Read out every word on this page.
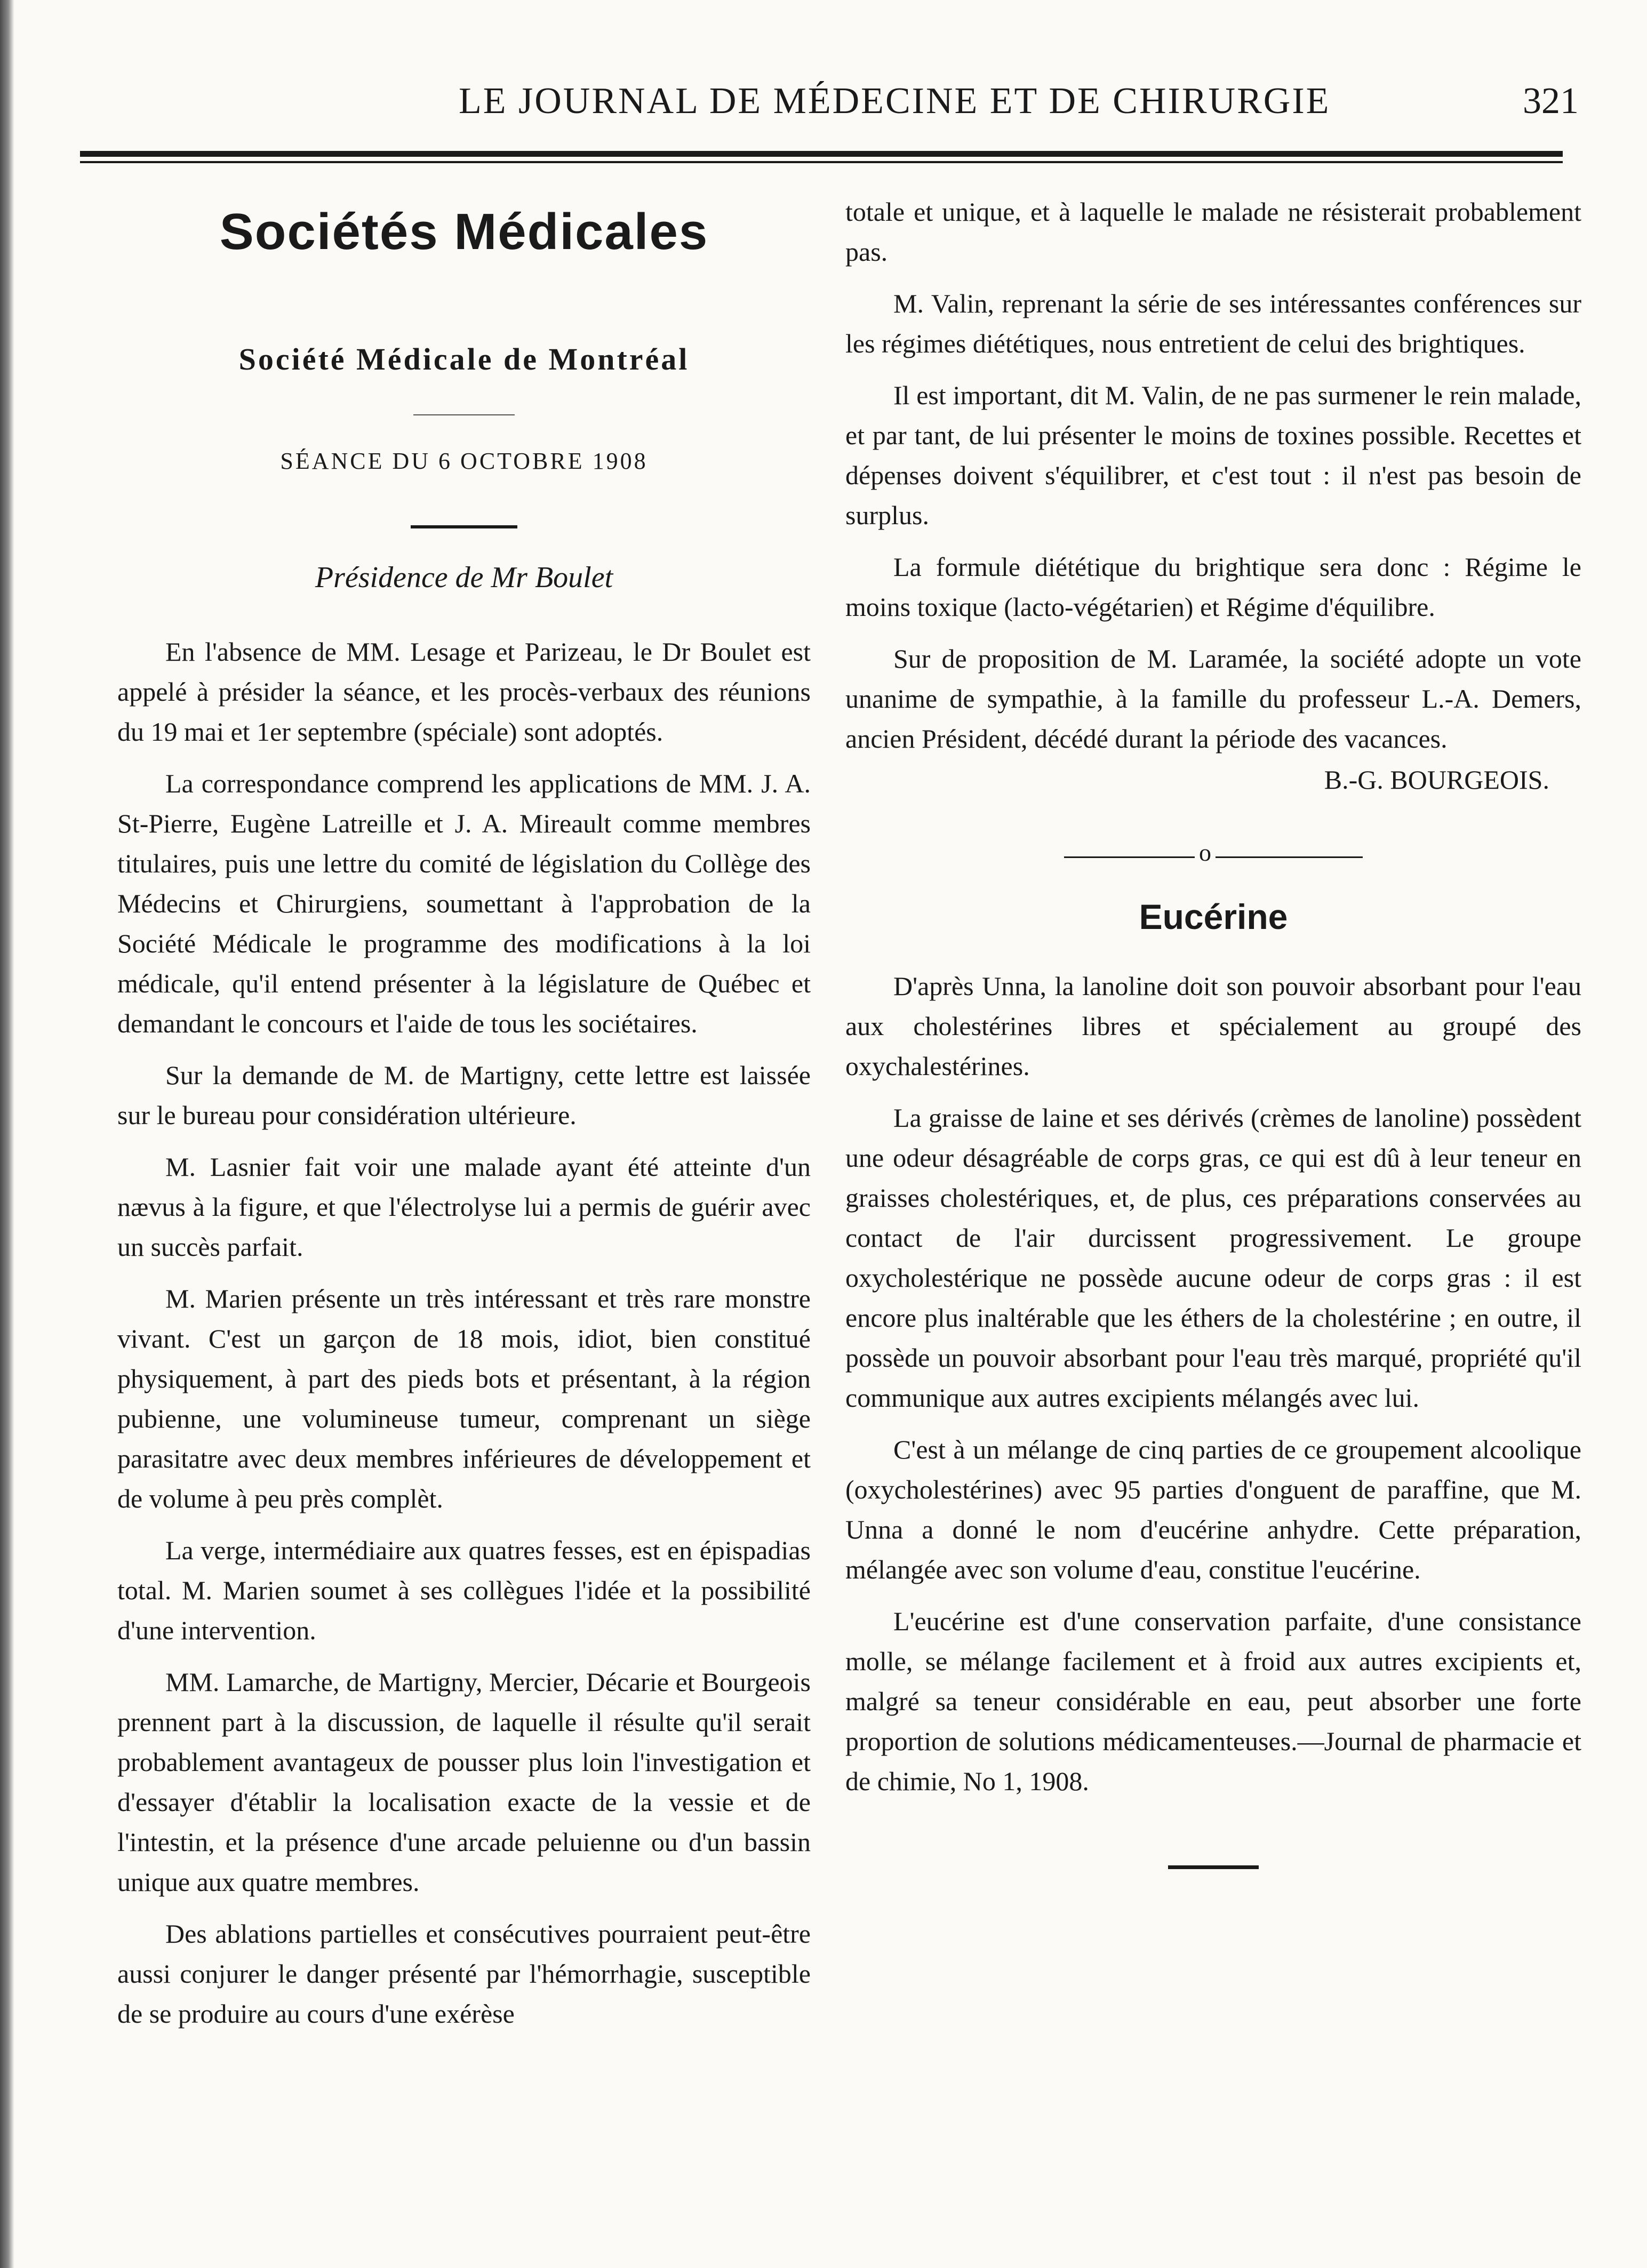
LE JOURNAL DE MÉDECINE ET DE CHIRURGIE	321
Sociétés Médicales
Société Médicale de Montréal
SÉANCE DU 6 OCTOBRE 1908
Présidence de Mr Boulet

En l'absence de MM. Lesage et Parizeau, le Dr Boulet est appelé à présider la séance, et les procès-verbaux des réunions du 19 mai et 1er septembre (spéciale) sont adoptés.

La correspondance comprend les applications de MM. J. A. St-Pierre, Eugène Latreille et J. A. Mireault comme membres titulaires, puis une lettre du comité de législation du Collège des Médecins et Chirurgiens, soumettant à l'approbation de la Société Médicale le programme des modifications à la loi médicale, qu'il entend présenter à la législature de Québec et demandant le concours et l'aide de tous les sociétaires.

Sur la demande de M. de Martigny, cette lettre est laissée sur le bureau pour considération ultérieure.

M. Lasnier fait voir une malade ayant été atteinte d'un nævus à la figure, et que l'électrolyse lui a permis de guérir avec un succès parfait.

M. Marien présente un très intéressant et très rare monstre vivant. C'est un garçon de 18 mois, idiot, bien constitué physiquement, à part des pieds bots et présentant, à la région pubienne, une volumineuse tumeur, comprenant un siège parasitatre avec deux membres inférieures de développement et de volume à peu près complèt.

La verge, intermédiaire aux quatres fesses, est en épispadias total. M. Marien soumet à ses collègues l'idée et la possibilité d'une intervention.

MM. Lamarche, de Martigny, Mercier, Décarie et Bourgeois prennent part à la discussion, de laquelle il résulte qu'il serait probablement avantageux de pousser plus loin l'investigation et d'essayer d'établir la localisation exacte de la vessie et de l'intestin, et la présence d'une arcade peluienne ou d'un bassin unique aux quatre membres.

Des ablations partielles et consécutives pourraient peut-être aussi conjurer le danger présenté par l'hémorrhagie, susceptible de se produire au cours d'une exérèse

totale et unique, et à laquelle le malade ne résisterait probablement pas.

M. Valin, reprenant la série de ses intéressantes conférences sur les régimes diététiques, nous entretient de celui des brightiques.

Il est important, dit M. Valin, de ne pas surmener le rein malade, et par tant, de lui présenter le moins de toxines possible. Recettes et dépenses doivent s'équilibrer, et c'est tout : il n'est pas besoin de surplus.

La formule diététique du brightique sera donc : Régime le moins toxique (lacto-végétarien) et Régime d'équilibre.

Sur de proposition de M. Laramée, la société adopte un vote unanime de sympathie, à la famille du professeur L.-A. Demers, ancien Président, décédé durant la période des vacances.

B.-G. BOURGEOIS.
o
Eucérine

D'après Unna, la lanoline doit son pouvoir absorbant pour l'eau aux cholestérines libres et spécialement au groupé des oxychalestérines.

La graisse de laine et ses dérivés (crèmes de lanoline) possèdent une odeur désagréable de corps gras, ce qui est dû à leur teneur en graisses cholestériques, et, de plus, ces préparations conservées au contact de l'air durcissent progressivement. Le groupe oxycholestérique ne possède aucune odeur de corps gras : il est encore plus inaltérable que les éthers de la cholestérine ; en outre, il possède un pouvoir absorbant pour l'eau très marqué, propriété qu'il communique aux autres excipients mélangés avec lui.

C'est à un mélange de cinq parties de ce groupement alcoolique (oxycholestérines) avec 95 parties d'onguent de paraffine, que M. Unna a donné le nom d'eucérine anhydre. Cette préparation, mélangée avec son volume d'eau, constitue l'eucérine.

L'eucérine est d'une conservation parfaite, d'une consistance molle, se mélange facilement et à froid aux autres excipients et, malgré sa teneur considérable en eau, peut absorber une forte proportion de solutions médicamenteuses.—Journal de pharmacie et de chimie, No 1, 1908.
